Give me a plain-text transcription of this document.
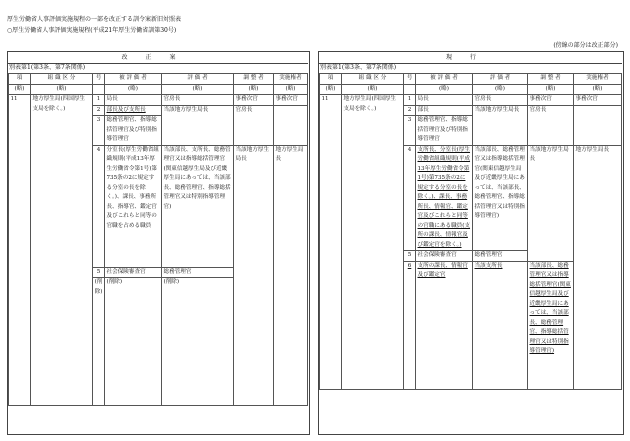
厚生労働省人事評価実施規程の一部を改正する訓令案新旧対照表
○厚生労働省人事評価実施規程(平成21年厚生労働省訓第30号)
(傍線の部分は改正部分)
改正案	現行
別表第1(第3条、第7条関係)	別表第1(第3条、第7条関係)
項	組 織 区 分	号	被 評 価 者	評 価 者	調 整 者	実施権者
(略)	(略)		(略)	(略)	(略)	(略)
11	地方厚生局(四国厚生支局を除く。)	1	局長	官房長	事務次官	事務次官
		2	部長及び支所長	当該地方厚生局長	官房長	
		3	総務管理官、指導総括管理官及び特別指導管理官			
		4	分室長(厚生労働省組織規則(平成13年厚生労働省令第1号)第735条の2に規定する分室の長を除く。)、課長、事務所長、指導官、鑑定官及びこれらと同等の官職を占める職員	当該部長、支所長、総務管理官又は指導総括管理官(関東信越厚生局及び近畿厚生局にあっては、当該部長、総務管理官、指導総括管理官又は特別指導管理官)	当該地方厚生局長	地方厚生局長
		5	社会保険審査官	総務管理官		
		(削除)	(削除)	(削除)		
項	組 織 区 分	号	被 評 価 者	評 価 者	調 整 者	実施権者
(略)	(略)		(略)	(略)	(略)	(略)
11	地方厚生局(四国厚生支局を除く。)	1	局長	官房長	事務次官	事務次官
		2	部長	当該地方厚生局長	官房長	
		3	総務管理官、指導総括管理官及び特別指導管理官			
		4	支所長、分室長(厚生労働省組織規則(平成13年厚生労働省令第1号)第735条の2に規定する分室の長を除く。)、課長、事務所長、情報官、鑑定官及びこれらと同等の官職にある職員(支所の課長、情報官及び鑑定官を除く。)	当該部長、総務管理官又は指導総括管理官(関東信越厚生局及び近畿厚生局にあっては、当該部長、総務管理官、指導総括管理官又は特別指導管理官)	当該地方厚生局長	地方厚生局長
		5	社会保険審査官	総務管理官		
		6	支所の課長、情報官及び鑑定官	当該支所長	当該部長、総務管理官又は指導総括管理官(関東信越厚生局及び近畿厚生局にあっては、当該部長、総務管理官、指導総括管理官又は特別指導管理官)	
